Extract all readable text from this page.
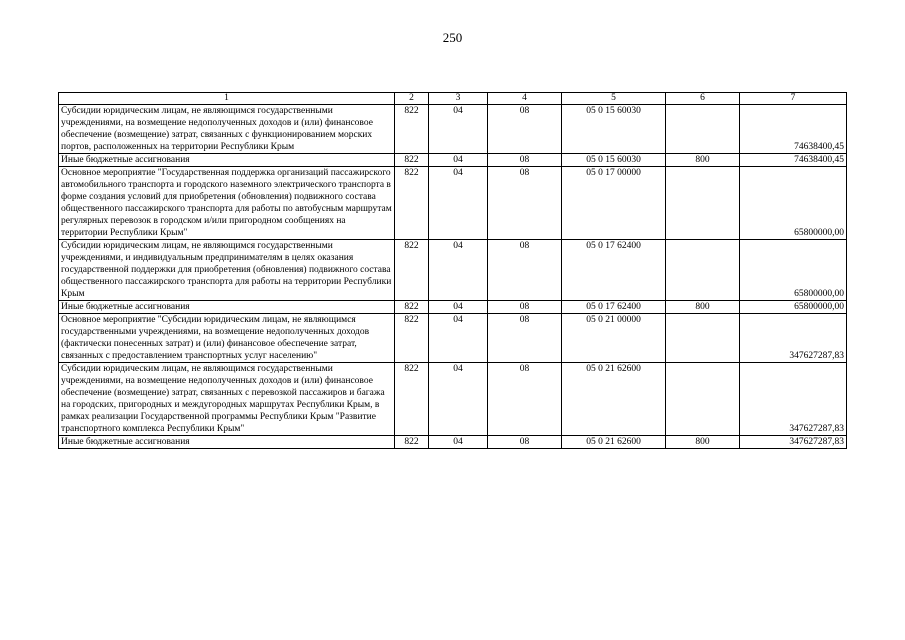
250
1	2	3	4	5	6	7
Субсидии юридическим лицам, не являющимся государственными учреждениями, на возмещение недополученных доходов и (или) финансовое обеспечение (возмещение) затрат, связанных с функционированием морских портов, расположенных на территории Республики Крым	822	04	08	05 0 15 60030		74638400,45
Иные бюджетные ассигнования	822	04	08	05 0 15 60030	800	74638400,45
Основное мероприятие "Государственная поддержка организаций пассажирского автомобильного транспорта и городского наземного электрического транспорта в форме создания условий для приобретения (обновления) подвижного состава общественного пассажирского транспорта для работы по автобусным маршрутам регулярных перевозок в городском и/или пригородном сообщениях на территории Республики Крым"	822	04	08	05 0 17 00000		65800000,00
Субсидии юридическим лицам, не являющимся государственными учреждениями, и индивидуальным предпринимателям в целях оказания государственной поддержки для приобретения (обновления) подвижного состава общественного пассажирского транспорта для работы на территории Республики Крым	822	04	08	05 0 17 62400		65800000,00
Иные бюджетные ассигнования	822	04	08	05 0 17 62400	800	65800000,00
Основное мероприятие "Субсидии юридическим лицам, не являющимся государственными учреждениями, на возмещение недополученных доходов (фактически понесенных затрат) и (или) финансовое обеспечение затрат, связанных с предоставлением транспортных услуг населению"	822	04	08	05 0 21 00000		347627287,83
Субсидии юридическим лицам, не являющимся государственными учреждениями, на возмещение недополученных доходов и (или) финансовое обеспечение (возмещение) затрат, связанных с перевозкой пассажиров и багажа на городских, пригородных и междугородных маршрутах Республики Крым, в рамках реализации Государственной программы Республики Крым "Развитие транспортного комплекса Республики Крым"	822	04	08	05 0 21 62600		347627287,83
Иные бюджетные ассигнования	822	04	08	05 0 21 62600	800	347627287,83
